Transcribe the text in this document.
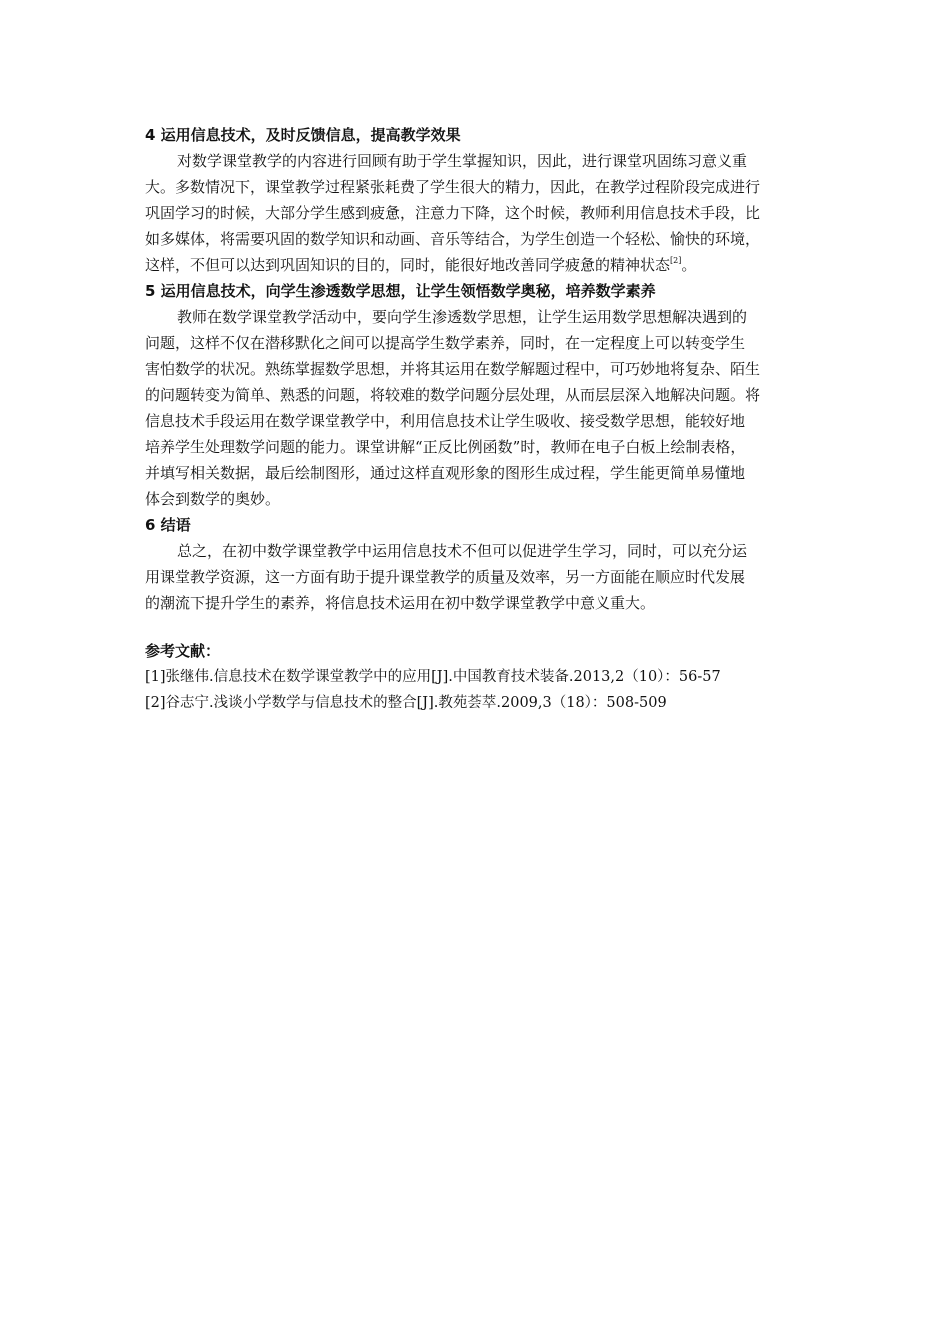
4 运用信息技术，及时反馈信息，提高教学效果
对数学课堂教学的内容进行回顾有助于学生掌握知识，因此，进行课堂巩固练习意义重
大。多数情况下，课堂教学过程紧张耗费了学生很大的精力，因此，在教学过程阶段完成进行
巩固学习的时候，大部分学生感到疲惫，注意力下降，这个时候，教师利用信息技术手段，比
如多媒体，将需要巩固的数学知识和动画、音乐等结合，为学生创造一个轻松、愉快的环境，
这样，不但可以达到巩固知识的目的，同时，能很好地改善同学疲惫的精神状态[2]。
5 运用信息技术，向学生渗透数学思想，让学生领悟数学奥秘，培养数学素养
教师在数学课堂教学活动中，要向学生渗透数学思想，让学生运用数学思想解决遇到的
问题，这样不仅在潜移默化之间可以提高学生数学素养，同时，在一定程度上可以转变学生
害怕数学的状况。熟练掌握数学思想，并将其运用在数学解题过程中，可巧妙地将复杂、陌生
的问题转变为简单、熟悉的问题，将较难的数学问题分层处理，从而层层深入地解决问题。将
信息技术手段运用在数学课堂教学中，利用信息技术让学生吸收、接受数学思想，能较好地
培养学生处理数学问题的能力。课堂讲解“正反比例函数”时，教师在电子白板上绘制表格，
并填写相关数据，最后绘制图形，通过这样直观形象的图形生成过程，学生能更简单易懂地
体会到数学的奥妙。
6 结语
总之，在初中数学课堂教学中运用信息技术不但可以促进学生学习，同时，可以充分运
用课堂教学资源，这一方面有助于提升课堂教学的质量及效率，另一方面能在顺应时代发展
的潮流下提升学生的素养，将信息技术运用在初中数学课堂教学中意义重大。
参考文献：
[1]张继伟.信息技术在数学课堂教学中的应用[J].中国教育技术装备.2013,2（10）：56-57
[2]谷志宁.浅谈小学数学与信息技术的整合[J].教苑荟萃.2009,3（18）：508-509
